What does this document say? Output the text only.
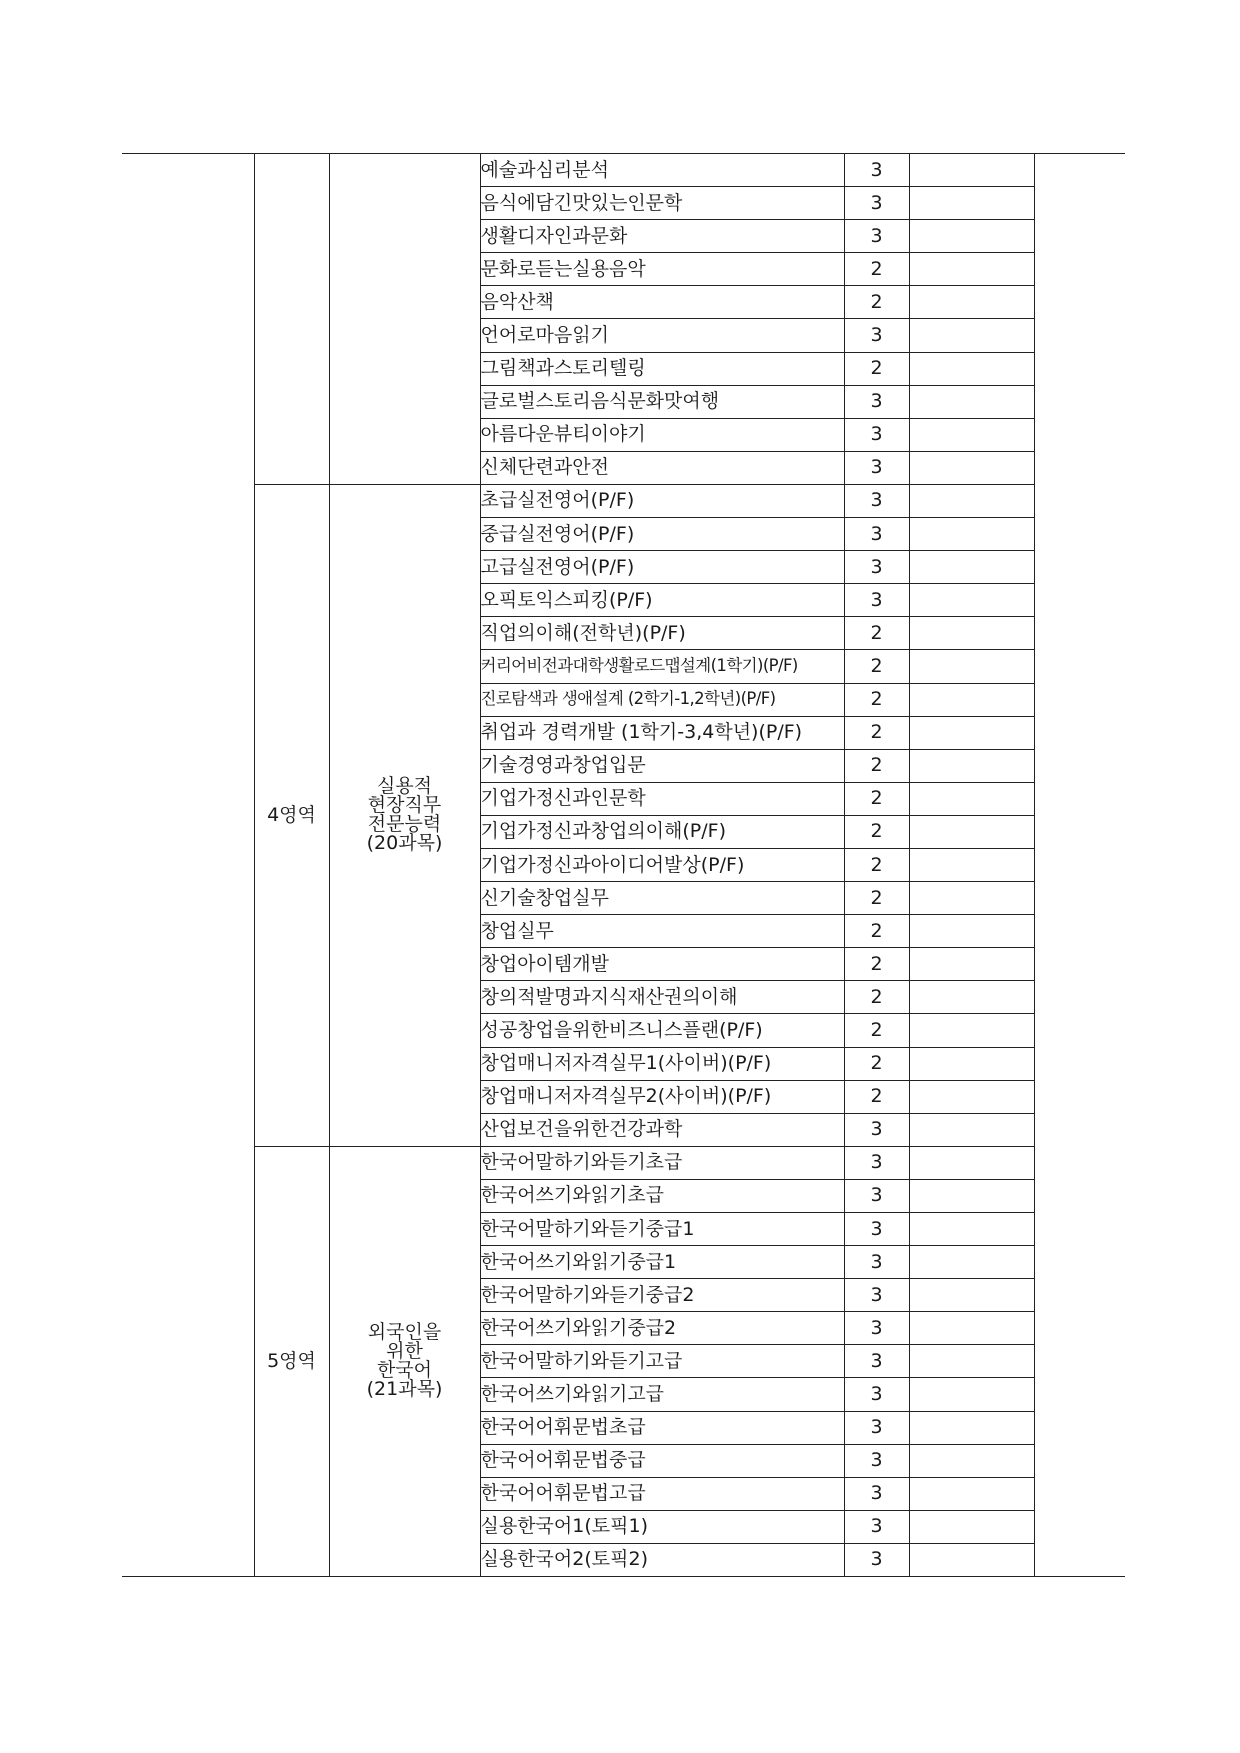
			예술과심리분석	3		
			음식에담긴맛있는인문학	3		
			생활디자인과문화	3		
			문화로듣는실용음악	2		
			음악산책	2		
			언어로마음읽기	3		
			그림책과스토리텔링	2		
			글로벌스토리음식문화맛여행	3		
			아름다운뷰티이야기	3		
			신체단련과안전	3		
	4영역	실용적
현장직무
전문능력
(20과목)	초급실전영어(P/F)	3		
			중급실전영어(P/F)	3		
			고급실전영어(P/F)	3		
			오픽토익스피킹(P/F)	3		
			직업의이해(전학년)(P/F)	2		
			커리어비전과대학생활로드맵설계(1학기)(P/F)	2		
			진로탐색과 생애설계 (2학기-1,2학년)(P/F)	2		
			취업과 경력개발 (1학기-3,4학년)(P/F)	2		
			기술경영과창업입문	2		
			기업가정신과인문학	2		
			기업가정신과창업의이해(P/F)	2		
			기업가정신과아이디어발상(P/F)	2		
			신기술창업실무	2		
			창업실무	2		
			창업아이템개발	2		
			창의적발명과지식재산권의이해	2		
			성공창업을위한비즈니스플랜(P/F)	2		
			창업매니저자격실무1(사이버)(P/F)	2		
			창업매니저자격실무2(사이버)(P/F)	2		
			산업보건을위한건강과학	3		
	5영역	외국인을
위한
한국어
(21과목)	한국어말하기와듣기초급	3		
			한국어쓰기와읽기초급	3		
			한국어말하기와듣기중급1	3		
			한국어쓰기와읽기중급1	3		
			한국어말하기와듣기중급2	3		
			한국어쓰기와읽기중급2	3		
			한국어말하기와듣기고급	3		
			한국어쓰기와읽기고급	3		
			한국어어휘문법초급	3		
			한국어어휘문법중급	3		
			한국어어휘문법고급	3		
			실용한국어1(토픽1)	3		
			실용한국어2(토픽2)	3		
